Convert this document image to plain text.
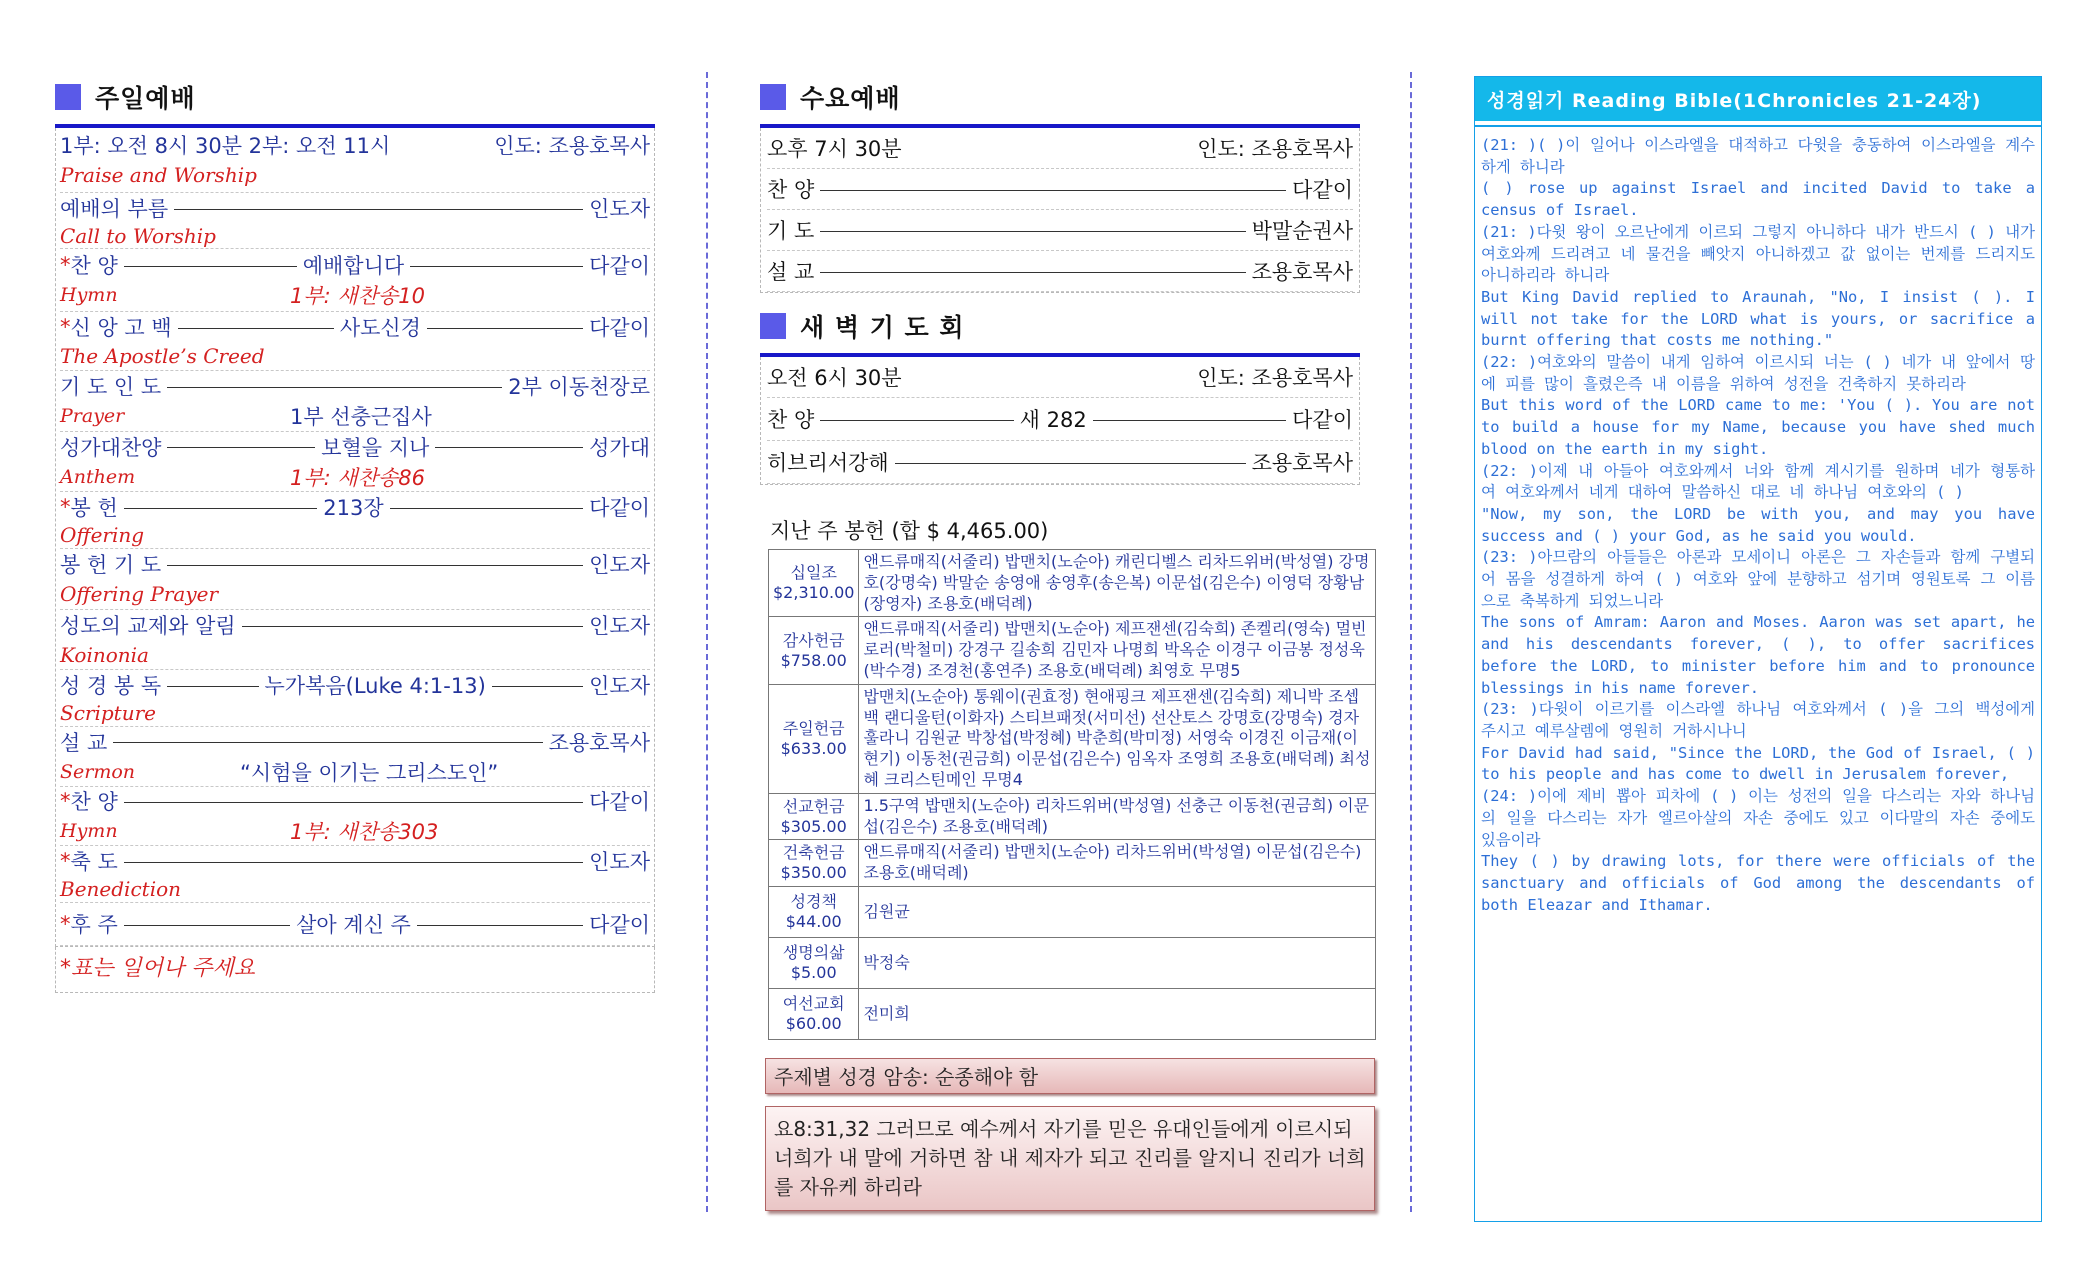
주일예배
1부: 오전 8시 30분 2부: 오전 11시	인도: 조용호목사
Praise and Worship
예배의 부름	인도자
Call to Worship
* 찬 양	예배합니다	다같이
Hymn	1부: 새찬송10
* 신 앙 고 백	사도신경	다같이
The Apostle’s Creed
기 도 인 도	2부 이동천장로
Prayer	1부 선충근집사
성가대찬양	보혈을 지나	성가대
Anthem	1부: 새찬송86
* 봉 헌	213장	다같이
Offering
봉 헌 기 도	인도자
Offering Prayer
성도의 교제와 알림	인도자
Koinonia
성 경 봉 독	누가복음(Luke 4:1-13)	인도자
Scripture
설 교	조용호목사
Sermon	“시험을 이기는 그리스도인”
* 찬 양	다같이
Hymn	1부: 새찬송303
* 축 도	인도자
Benediction
* 후 주	살아 계신 주	다같이
*표는 일어나 주세요
수요예배
오후 7시 30분	인도: 조용호목사
찬 양	다같이
기 도	박말순권사
설 교	조용호목사
새 벽 기 도 회
오전 6시 30분	인도: 조용호목사
찬 양	새 282	다같이
히브리서강해	조용호목사
지난 주 봉헌 (합 $ 4,465.00)
십일조
$2,310.00	앤드류매직(서줄리) 밥맨치(노순아) 캐린디벨스 리차드위버(박성열) 강명호(강명숙) 박말순 송영애 송영후(송은복) 이문섭(김은수) 이영덕 장황남(장영자) 조용호(배덕례)

감사헌금
$758.00	앤드류매직(서줄리) 밥맨치(노순아) 제프잰센(김숙희) 존켈리(영숙) 멀빈로러(박철미) 강경구 길송희 김민자 나명희 박옥순 이경구 이금봉 정성욱(박수경) 조경천(홍연주) 조용호(배덕례) 최영호 무명5

주일헌금
$633.00	밥맨치(노순아) 통웨이(권효정) 현애핑크 제프잰센(김숙희) 제니박 조셉백 랜디울턴(이화자) 스티브패젓(서미선) 선산토스 강명호(강명숙) 경자훌라니 김원균 박창섭(박정혜) 박춘희(박미정) 서영숙 이경진 이금재(이현기) 이동천(권금희) 이문섭(김은수) 임옥자 조영희 조용호(배덕례) 최성혜 크리스틴메인 무명4

선교헌금
$305.00	1.5구역 밥맨치(노순아) 리차드위버(박성열) 선충근 이동천(권금희) 이문섭(김은수) 조용호(배덕례)

건축헌금
$350.00	앤드류매직(서줄리) 밥맨치(노순아) 리차드위버(박성열) 이문섭(김은수) 조용호(배덕례)

성경책
$44.00	김원균

생명의삶
$5.00	박정숙

여선교회
$60.00	전미희
주제별 성경 암송: 순종해야 함
요8:31,32 그러므로 예수께서 자기를 믿은 유대인들에게 이르시되 너희가 내 말에 거하면 참 내 제자가 되고 진리를 알지니 진리가 너희를 자유케 하리라
성경읽기 Reading Bible(1Chronicles 21-24장)

(21: )( )이 일어나 이스라엘을 대적하고 다윗을 충동하여 이스라엘을 계수하게 하니라

( ) rose up against Israel and incited David to take a census of Israel.

(21: )다윗 왕이 오르난에게 이르되 그렇지 아니하다 내가 반드시 ( ) 내가 여호와께 드리려고 네 물건을 빼앗지 아니하겠고 값 없이는 번제를 드리지도 아니하리라 하니라

But King David replied to Araunah, "No, I insist ( ). I will not take for the LORD what is yours, or sacrifice a burnt offering that costs me nothing."

(22: )여호와의 말씀이 내게 임하여 이르시되 너는 ( ) 네가 내 앞에서 땅에 피를 많이 흘렸은즉 내 이름을 위하여 성전을 건축하지 못하리라

But this word of the LORD came to me: 'You ( ). You are not to build a house for my Name, because you have shed much blood on the earth in my sight.

(22: )이제 내 아들아 여호와께서 너와 함께 계시기를 원하며 네가 형통하여 여호와께서 네게 대하여 말씀하신 대로 네 하나님 여호와의 ( )

"Now, my son, the LORD be with you, and may you have success and ( ) your God, as he said you would.

(23: )아므람의 아들들은 아론과 모세이니 아론은 그 자손들과 함께 구별되어 몸을 성결하게 하여 ( ) 여호와 앞에 분향하고 섬기며 영원토록 그 이름으로 축복하게 되었느니라

The sons of Amram: Aaron and Moses. Aaron was set apart, he and his descendants forever, ( ), to offer sacrifices before the LORD, to minister before him and to pronounce blessings in his name forever.

(23: )다윗이 이르기를 이스라엘 하나님 여호와께서 ( )을 그의 백성에게 주시고 예루살렘에 영원히 거하시나니

For David had said, "Since the LORD, the God of Israel, ( ) to his people and has come to dwell in Jerusalem forever,

(24: )이에 제비 뽑아 피차에 ( ) 이는 성전의 일을 다스리는 자와 하나님의 일을 다스리는 자가 엘르아살의 자손 중에도 있고 이다말의 자손 중에도 있음이라

They ( ) by drawing lots, for there were officials of the sanctuary and officials of God among the descendants of both Eleazar and Ithamar.
